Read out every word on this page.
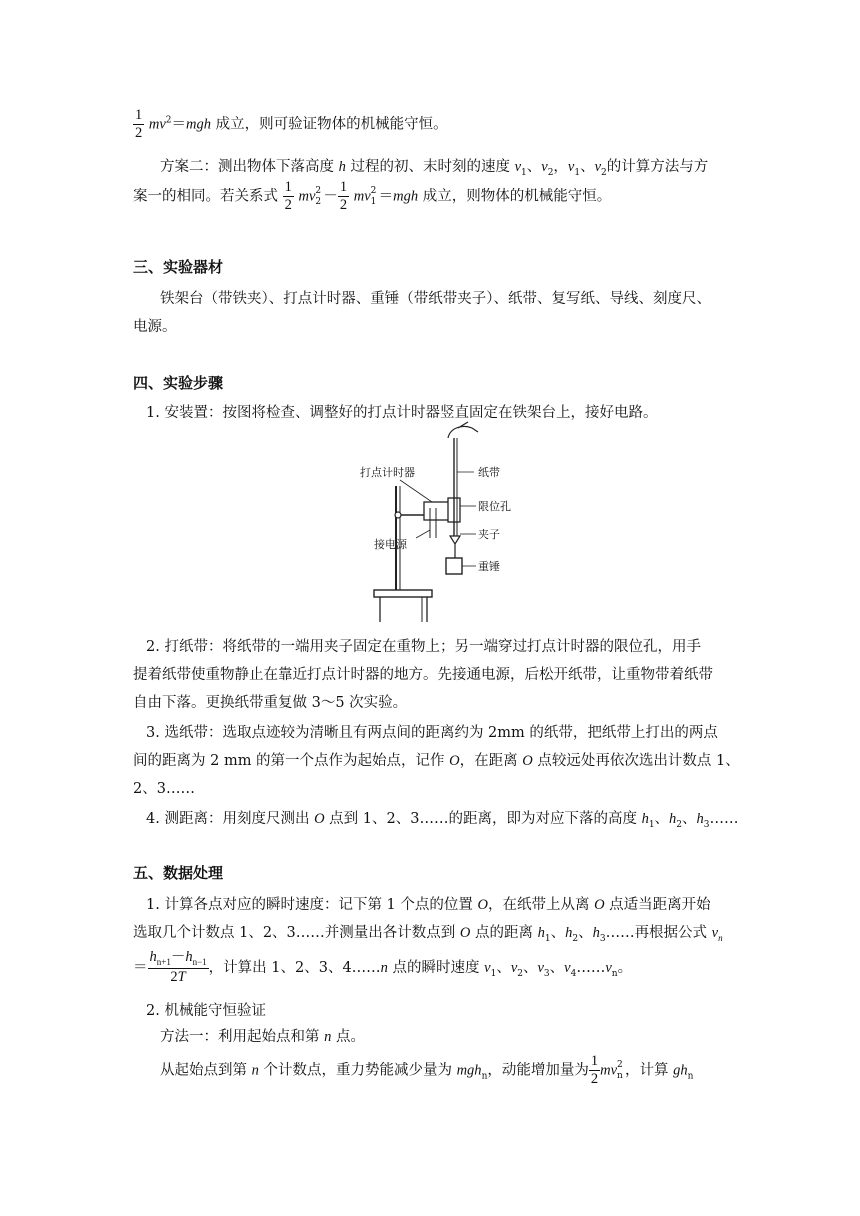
$\frac{1}{2} mv^2=mgh$ 成立，则可验证物体的机械能守恒。
方案二：测出物体下落高度 h 过程的初、末时刻的速度 $v_1$、$v_2$，$v_1$、$v_2$的计算方法与方
案一的相同。若关系式 $\frac{1}{2}$ mv 2
$2 - \frac{1}{2}$ mv 2
1 ＝mgh 成立，则物体的机械能守恒。
三、实验器材
铁架台（带铁夹）、打点计时器、重锤（带纸带夹子）、纸带、复写纸、导线、刻度尺、
电源。
四、实验步骤
1. 安装置：按图将检查、调整好的打点计时器竖直固定在铁架台上，接好电路。
打点计时器	纸带
限位孔
夹子
重锤
接电源
2. 打纸带：将纸带的一端用夹子固定在重物上；另一端穿过打点计时器的限位孔，用手
提着纸带使重物静止在靠近打点计时器的地方。先接通电源，后松开纸带，让重物带着纸带
自由下落。更换纸带重复做 3～5 次实验。
3. 选纸带：选取点迹较为清晰且有两点间的距离约为 2mm 的纸带，把纸带上打出的两点
间的距离为 2 mm 的第一个点作为起始点，记作 O，在距离 O 点较远处再依次选出计数点 1、
2、3……
4. 测距离：用刻度尺测出 O 点到 1、2、3……的距离，即为对应下落的高度 $h_1$、$h_2$、$h_3\dots\dots$
五、数据处理
1. 计算各点对应的瞬时速度：记下第 1 个点的位置 O，在纸带上从离 O 点适当距离开始
选取几个计数点 1、2、3……并测量出各计数点到 O 点的距离 $h_1$、$h_2$、$h_3\dots\dots$再根据公式 $v_n$
＝ $\frac{h_{n+1}-h_{n-1}}{2T}$ ，计算出 1、2、3、4……n 点的瞬时速度 $v_1$、$v_2$、$v_3$、$v_4\dots\dots v_n$。
2. 机械能守恒验证
方法一：利用起始点和第 n 点。
从起始点到第 n 个计数点，重力势能减少量为 mgh$_n$，动能增加量为 $\frac{1}{2}$ mv 2
n ，计算 $gh_n$
